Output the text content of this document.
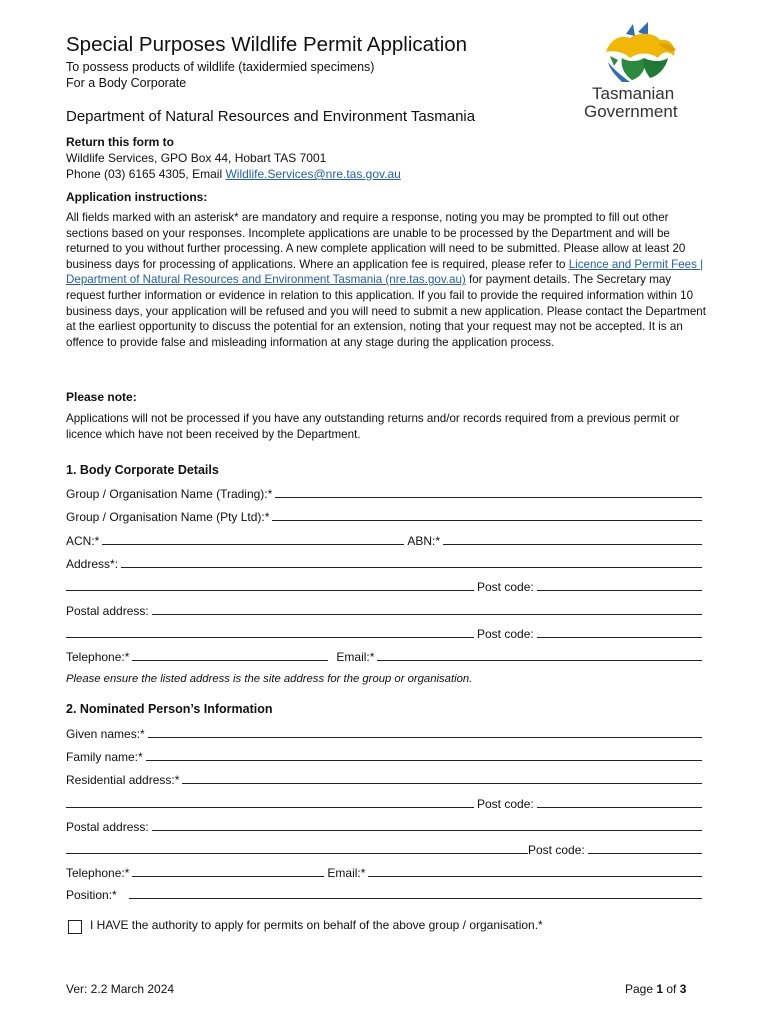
Special Purposes Wildlife Permit Application
To possess products of wildlife (taxidermied specimens)
For a Body Corporate
Department of Natural Resources and Environment Tasmania
Tasmanian
Government
Return this form to
Wildlife Services, GPO Box 44, Hobart TAS 7001
Phone (03) 6165 4305, Email Wildlife.Services@nre.tas.gov.au
Application instructions:
All fields marked with an asterisk* are mandatory and require a response, noting you may be prompted to fill out other sections based on your responses. Incomplete applications are unable to be processed by the Department and will be returned to you without further processing. A new complete application will need to be submitted. Please allow at least 20 business days for processing of applications. Where an application fee is required, please refer to Licence and Permit Fees | Department of Natural Resources and Environment Tasmania (nre.tas.gov.au) for payment details. The Secretary may request further information or evidence in relation to this application. If you fail to provide the required information within 10 business days, your application will be refused and you will need to submit a new application. Please contact the Department at the earliest opportunity to discuss the potential for an extension, noting that your request may not be accepted. It is an offence to provide false and misleading information at any stage during the application process.
Please note:
Applications will not be processed if you have any outstanding returns and/or records required from a previous permit or licence which have not been received by the Department.
1. Body Corporate Details
Group / Organisation Name (Trading):*
Group / Organisation Name (Pty Ltd):*
ACN:*	ABN:*
Address*:
Post code:
Postal address:
Post code:
Telephone:*	Email:*
Please ensure the listed address is the site address for the group or organisation.
2. Nominated Person’s Information
Given names:*
Family name:*
Residential address:*
Post code:
Postal address:
Post code:
Telephone:*	Email:*
Position:*
I HAVE the authority to apply for permits on behalf of the above group / organisation.*
Ver: 2.2 March 2024	Page 1 of 3
